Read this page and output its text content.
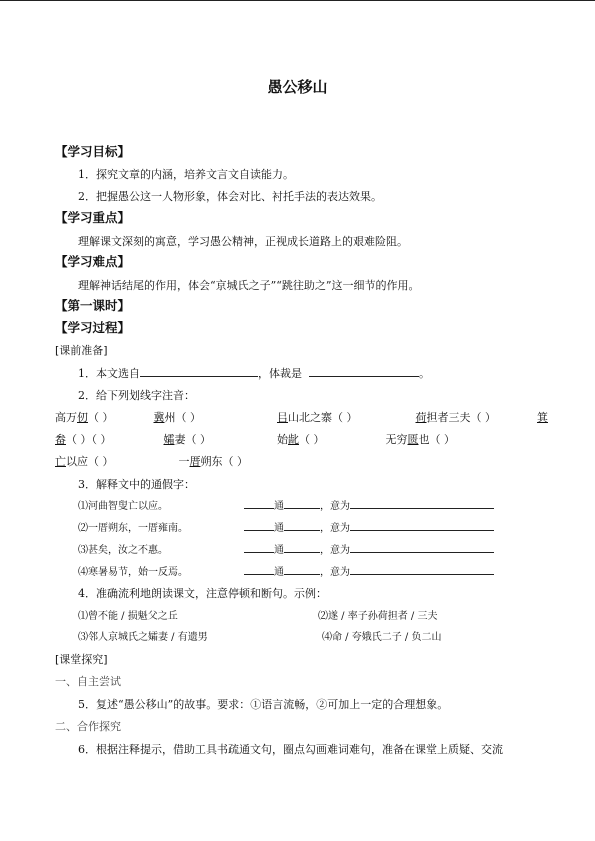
愚公移山
【学习目标】
1．探究文章的内涵，培养文言文自读能力。
2．把握愚公这一人物形象，体会对比、衬托手法的表达效果。
【学习重点】
理解课文深刻的寓意，学习愚公精神，正视成长道路上的艰难险阻。
【学习难点】
理解神话结尾的作用，体会“京城氏之子”“跳往助之”这一细节的作用。
【第一课时】
【学习过程】
[课前准备]
1．本文选自	，体裁是	。
2．给下列划线字注音：
高万仞（ ）	冀州（ ）	㠯山北之寨（ ）	荷担者三夫（ ）	箕
畚（ ）（ ）	孀妻（ ）	始龀（ ）	无穷匮也（ ）
亡以应（ ）	一厝朔东（ ）
3．解释文中的通假字：
⑴河曲智叟亡以应。	通	，意为
⑵一厝朔东，一厝雍南。	通	，意为
⑶甚矣，汝之不惠。	通	，意为
⑷寒暑易节，始一反焉。	通	，意为
4．准确流利地朗读课文，注意停顿和断句。示例：
⑴曾不能 / 损魁父之丘	⑵遂 / 率子孙荷担者 / 三夫
⑶邻人京城氏之孀妻 / 有遗男	⑷命 / 夸娥氏二子 / 负二山
[课堂探究]
一、自主尝试
5．复述“愚公移山”的故事。要求：①语言流畅，②可加上一定的合理想象。
二、合作探究
6．根据注释提示，借助工具书疏通文句，圈点勾画难词难句，准备在课堂上质疑、交流
